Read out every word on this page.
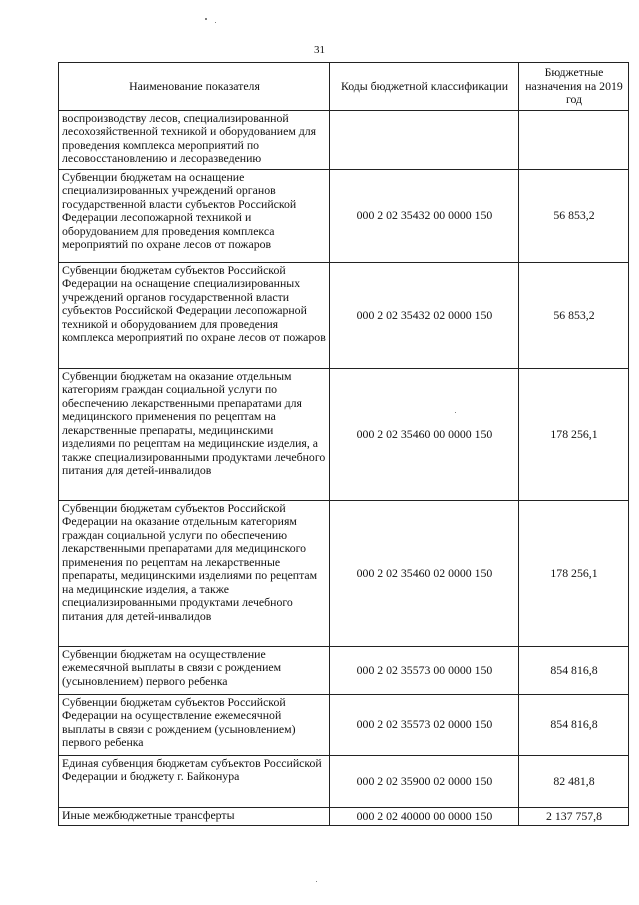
31
Наименование показателя	Коды бюджетной классификации	Бюджетные назначения на 2019 год
воспроизводству лесов, специализированной лесохозяйственной техникой и оборудованием для проведения комплекса мероприятий по лесовосстановлению и лесоразведению		
Субвенции бюджетам на оснащение специализированных учреждений органов государственной власти субъектов Российской Федерации лесопожарной техникой и оборудованием для проведения комплекса мероприятий по охране лесов от пожаров	000 2 02 35432 00 0000 150	56 853,2
Субвенции бюджетам субъектов Российской Федерации на оснащение специализированных учреждений органов государственной власти субъектов Российской Федерации лесопожарной техникой и оборудованием для проведения комплекса мероприятий по охране лесов от пожаров	000 2 02 35432 02 0000 150	56 853,2
Субвенции бюджетам на оказание отдельным категориям граждан социальной услуги по обеспечению лекарственными препаратами для медицинского применения по рецептам на лекарственные препараты, медицинскими изделиями по рецептам на медицинские изделия, а также специализированными продуктами лечебного питания для детей-инвалидов	000 2 02 35460 00 0000 150	178 256,1
Субвенции бюджетам субъектов Российской Федерации на оказание отдельным категориям граждан социальной услуги по обеспечению лекарственными препаратами для медицинского применения по рецептам на лекарственные препараты, медицинскими изделиями по рецептам на медицинские изделия, а также специализированными продуктами лечебного питания для детей-инвалидов	000 2 02 35460 02 0000 150	178 256,1
Субвенции бюджетам на осуществление ежемесячной выплаты в связи с рождением (усыновлением) первого ребенка	000 2 02 35573 00 0000 150	854 816,8
Субвенции бюджетам субъектов Российской Федерации на осуществление ежемесячной выплаты в связи с рождением (усыновлением) первого ребенка	000 2 02 35573 02 0000 150	854 816,8
Единая субвенция бюджетам субъектов Российской Федерации и бюджету г. Байконура	000 2 02 35900 02 0000 150	82 481,8
Иные межбюджетные трансферты	000 2 02 40000 00 0000 150	2 137 757,8
